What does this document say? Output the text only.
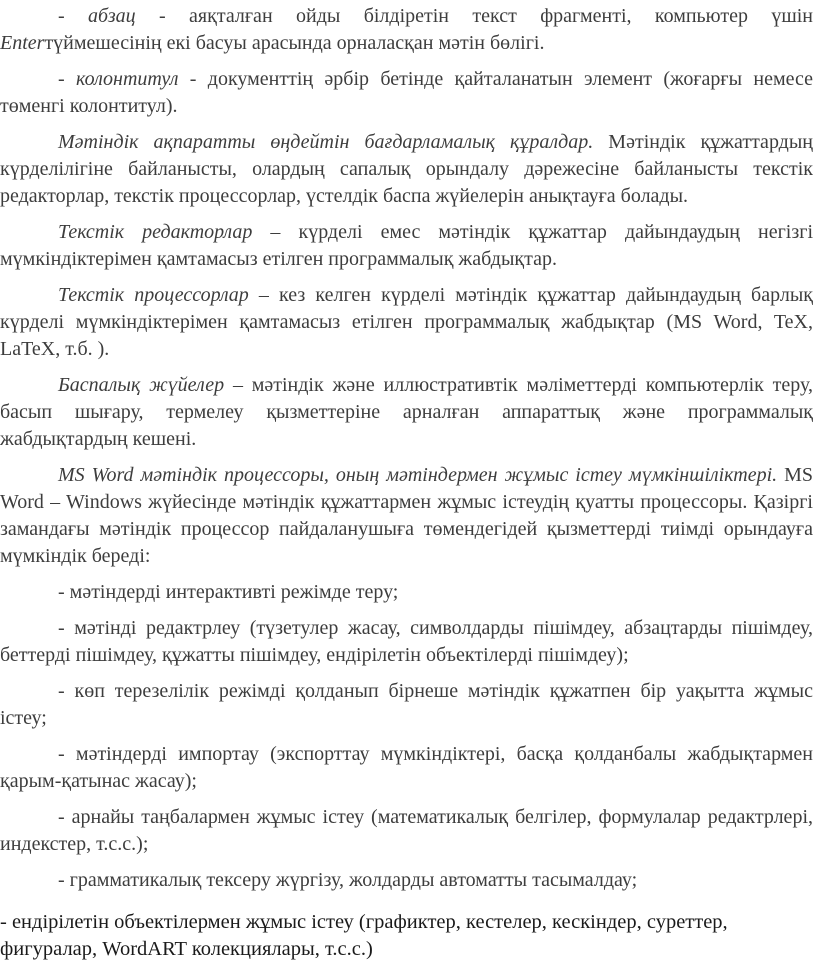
- абзац - аяқталған ойды білдіретін текст фрагменті, компьютер үшін Enterтүймешесінің екі басуы арасында орналасқан мәтін бөлігі.

- колонтитул - документтің әрбір бетінде қайталанатын элемент (жоғарғы немесе төменгі колонтитул).

Мәтіндік ақпаратты өңдейтін бағдарламалық құралдар. Мәтіндік құжаттардың күрделілігіне байланысты, олардың сапалық орындалу дәрежесіне байланысты текстік редакторлар, текстік процессорлар, үстелдік баспа жүйелерін анықтауға болады.

Текстік редакторлар – күрделі емес мәтіндік құжаттар дайындаудың негізгі мүмкіндіктерімен қамтамасыз етілген программалық жабдықтар.

Текстік процессорлар – кез келген күрделі мәтіндік құжаттар дайындаудың барлық күрделі мүмкіндіктерімен қамтамасыз етілген программалық жабдықтар (MS Word, TeX, LaTeX, т.б. ).

Баспалық жүйелер – мәтіндік және иллюстративтік мәліметтерді компьютерлік теру, басып шығару, термелеу қызметтеріне арналған аппараттық және программалық жабдықтардың кешені.

MS Word мәтіндік процессоры, оның мәтіндермен жұмыс істеу мүмкіншіліктері. MS Word – Windows жүйесінде мәтіндік құжаттармен жұмыс істеудің қуатты процессоры. Қазіргі замандағы мәтіндік процессор пайдаланушыға төмендегідей қызметтерді тиімді орындауға мүмкіндік береді:

- мәтіндерді интерактивті режімде теру;

- мәтінді редактрлеу (түзетулер жасау, символдарды пішімдеу, абзацтарды пішімдеу, беттерді пішімдеу, құжатты пішімдеу, ендірілетін объектілерді пішімдеу);

- көп терезелілік режімді қолданып бірнеше мәтіндік құжатпен бір уақытта жұмыс істеу;

- мәтіндерді импортау (экспорттау мүмкіндіктері, басқа қолданбалы жабдықтармен қарым-қатынас жасау);

- арнайы таңбалармен жұмыс істеу (математикалық белгілер, формулалар редактрлері, индекстер, т.с.с.);

- грамматикалық тексеру жүргізу, жолдарды автоматты тасымалдау;

- ендірілетін объектілермен жұмыс істеу (графиктер, кестелер, кескіндер, суреттер, фигуралар, WordART колекциялары, т.с.с.)
